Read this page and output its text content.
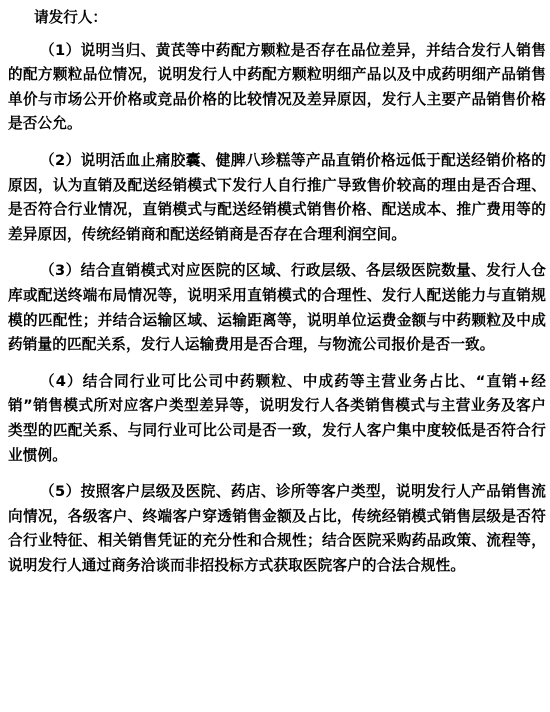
请发行人：

（1）说明当归、黄芪等中药配方颗粒是否存在品位差异，并结合发行人销售的配方颗粒品位情况，说明发行人中药配方颗粒明细产品以及中成药明细产品销售单价与市场公开价格或竞品价格的比较情况及差异原因，发行人主要产品销售价格是否公允。

（2）说明活血止痛胶囊、健脾八珍糕等产品直销价格远低于配送经销价格的原因，认为直销及配送经销模式下发行人自行推广导致售价较高的理由是否合理、是否符合行业情况，直销模式与配送经销模式销售价格、配送成本、推广费用等的差异原因，传统经销商和配送经销商是否存在合理利润空间。

（3）结合直销模式对应医院的区域、行政层级、各层级医院数量、发行人仓库或配送终端布局情况等，说明采用直销模式的合理性、发行人配送能力与直销规模的匹配性；并结合运输区域、运输距离等，说明单位运费金额与中药颗粒及中成药销量的匹配关系，发行人运输费用是否合理，与物流公司报价是否一致。

（4）结合同行业可比公司中药颗粒、中成药等主营业务占比、“直销+经销”销售模式所对应客户类型差异等，说明发行人各类销售模式与主营业务及客户类型的匹配关系、与同行业可比公司是否一致，发行人客户集中度较低是否符合行业惯例。

（5）按照客户层级及医院、药店、诊所等客户类型，说明发行人产品销售流向情况，各级客户、终端客户穿透销售金额及占比，传统经销模式销售层级是否符合行业特征、相关销售凭证的充分性和合规性；结合医院采购药品政策、流程等，说明发行人通过商务洽谈而非招投标方式获取医院客户的合法合规性。
